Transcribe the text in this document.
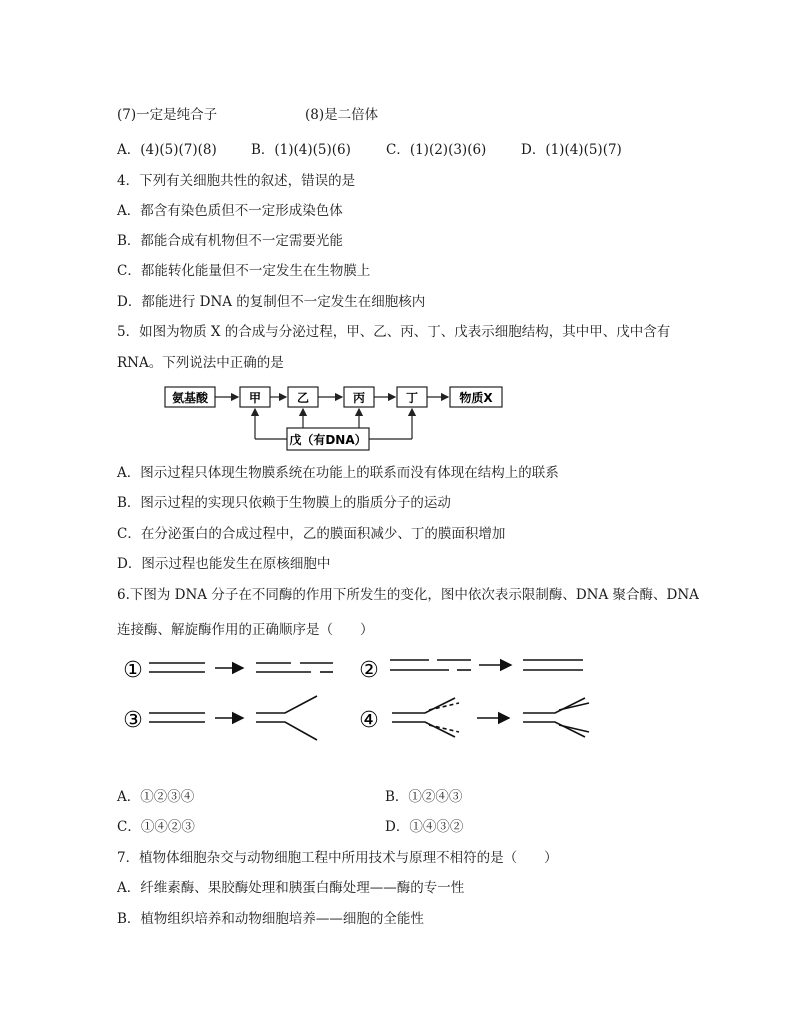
(7)一定是纯合子	(8)是二倍体
A．(4)(5)(7)(8)	B．(1)(4)(5)(6)	C．(1)(2)(3)(6)	D．(1)(4)(5)(7)
4．下列有关细胞共性的叙述，错误的是
A．都含有染色质但不一定形成染色体
B．都能合成有机物但不一定需要光能
C．都能转化能量但不一定发生在生物膜上
D．都能进行 DNA 的复制但不一定发生在细胞核内
5．如图为物质 X 的合成与分泌过程，甲、乙、丙、丁、戊表示细胞结构，其中甲、戊中含有
RNA。下列说法中正确的是
氨基酸	甲	乙	丙	丁	物质X
戊（有DNA）
A．图示过程只体现生物膜系统在功能上的联系而没有体现在结构上的联系
B．图示过程的实现只依赖于生物膜上的脂质分子的运动
C．在分泌蛋白的合成过程中，乙的膜面积减少、丁的膜面积增加
D．图示过程也能发生在原核细胞中
6.下图为 DNA 分子在不同酶的作用下所发生的变化，图中依次表示限制酶、DNA 聚合酶、DNA
连接酶、解旋酶作用的正确顺序是（　　）
①	②
③	④
A．①②③④	B．①②④③
C．①④②③	D．①④③②
7．植物体细胞杂交与动物细胞工程中所用技术与原理不相符的是（　　）
A．纤维素酶、果胶酶处理和胰蛋白酶处理——酶的专一性
B．植物组织培养和动物细胞培养——细胞的全能性
